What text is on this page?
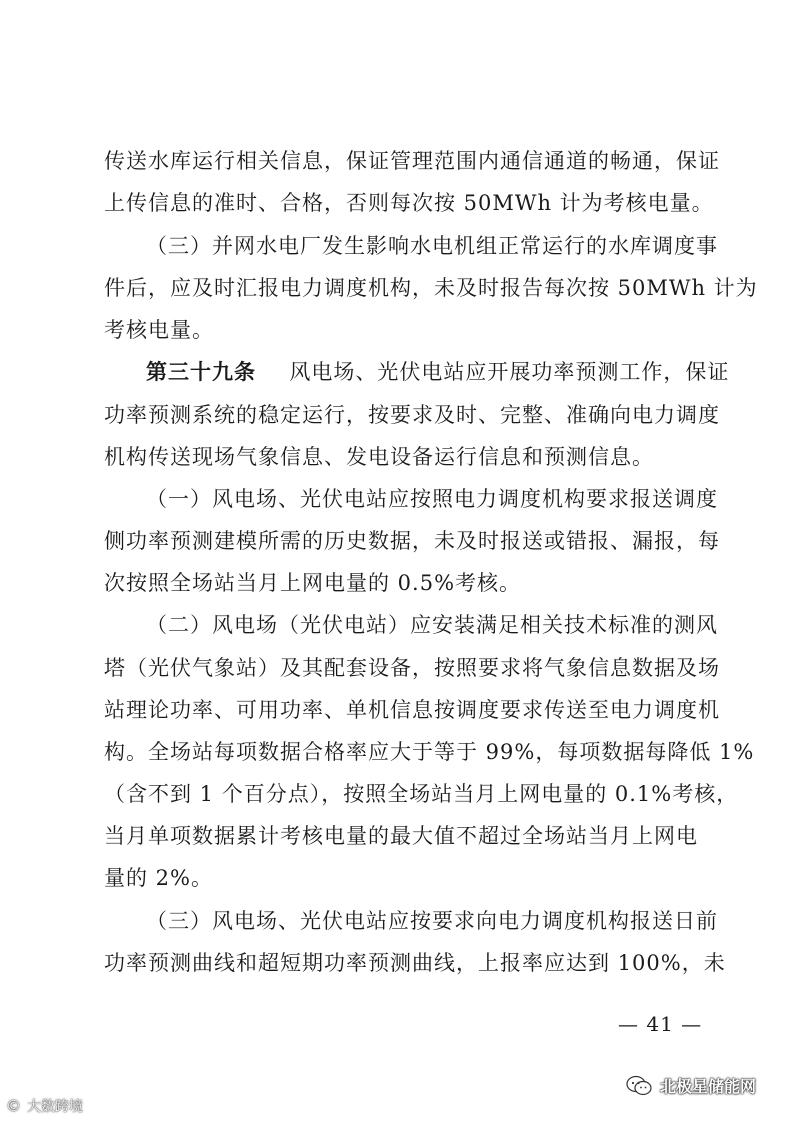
传送水库运行相关信息，保证管理范围内通信通道的畅通，保证
上传信息的准时、合格，否则每次按 50MWh 计为考核电量。
（三）并网水电厂发生影响水电机组正常运行的水库调度事
件后，应及时汇报电力调度机构，未及时报告每次按 50MWh 计为
考核电量。
第三十九条 风电场、光伏电站应开展功率预测工作，保证
功率预测系统的稳定运行，按要求及时、完整、准确向电力调度
机构传送现场气象信息、发电设备运行信息和预测信息。
（一）风电场、光伏电站应按照电力调度机构要求报送调度
侧功率预测建模所需的历史数据，未及时报送或错报、漏报，每
次按照全场站当月上网电量的 0.5%考核。
（二）风电场（光伏电站）应安装满足相关技术标准的测风
塔（光伏气象站）及其配套设备，按照要求将气象信息数据及场
站理论功率、可用功率、单机信息按调度要求传送至电力调度机
构。全场站每项数据合格率应大于等于 99%，每项数据每降低 1%
（含不到 1 个百分点），按照全场站当月上网电量的 0.1%考核，
当月单项数据累计考核电量的最大值不超过全场站当月上网电
量的 2%。
（三）风电场、光伏电站应按要求向电力调度机构报送日前
功率预测曲线和超短期功率预测曲线，上报率应达到 100%，未
— 41 —
北极星储能网
© 大数跨境
